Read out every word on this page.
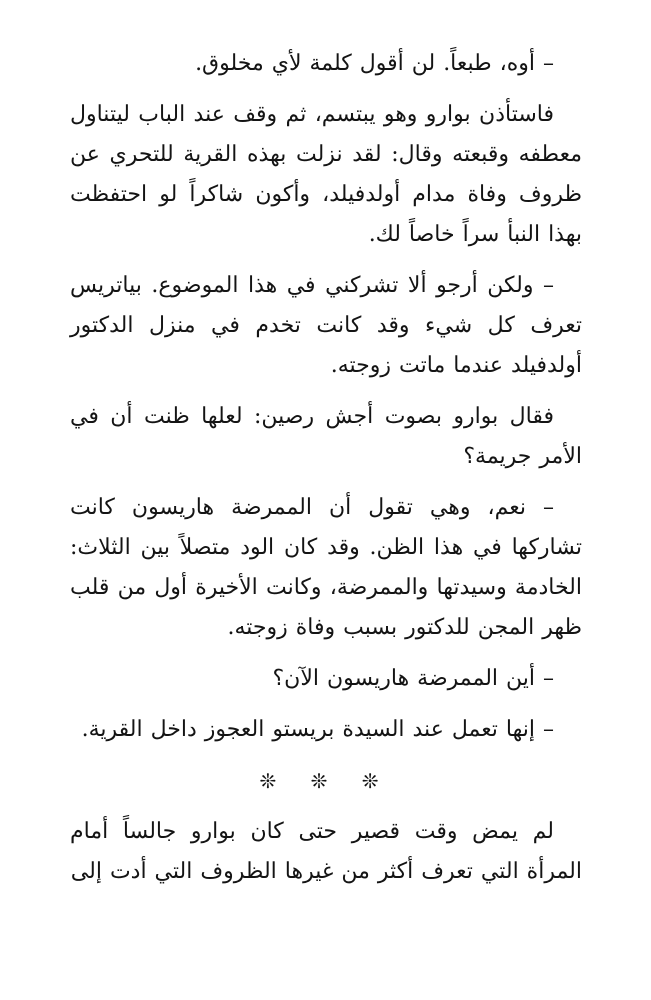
– أوه، طبعاً. لن أقول كلمة لأي مخلوق.

فاستأذن بوارو وهو يبتسم، ثم وقف عند الباب ليتناول معطفه وقبعته وقال: لقد نزلت بهذه القرية للتحري عن ظروف وفاة مدام أولدفيلد، وأكون شاكراً لو احتفظت بهذا النبأ سراً خاصاً لك.

– ولكن أرجو ألا تشركني في هذا الموضوع. بياتريس تعرف كل شيء وقد كانت تخدم في منزل الدكتور أولدفيلد عندما ماتت زوجته.

فقال بوارو بصوت أجش رصين: لعلها ظنت أن في الأمر جريمة؟

– نعم، وهي تقول أن الممرضة هاريسون كانت تشاركها في هذا الظن. وقد كان الود متصلاً بين الثلاث: الخادمة وسيدتها والممرضة، وكانت الأخيرة أول من قلب ظهر المجن للدكتور بسبب وفاة زوجته.

– أين الممرضة هاريسون الآن؟

– إنها تعمل عند السيدة بريستو العجوز داخل القرية.

❊ ❊ ❊

لم يمض وقت قصير حتى كان بوارو جالساً أمام المرأة التي تعرف أكثر من غيرها الظروف التي أدت إلى
